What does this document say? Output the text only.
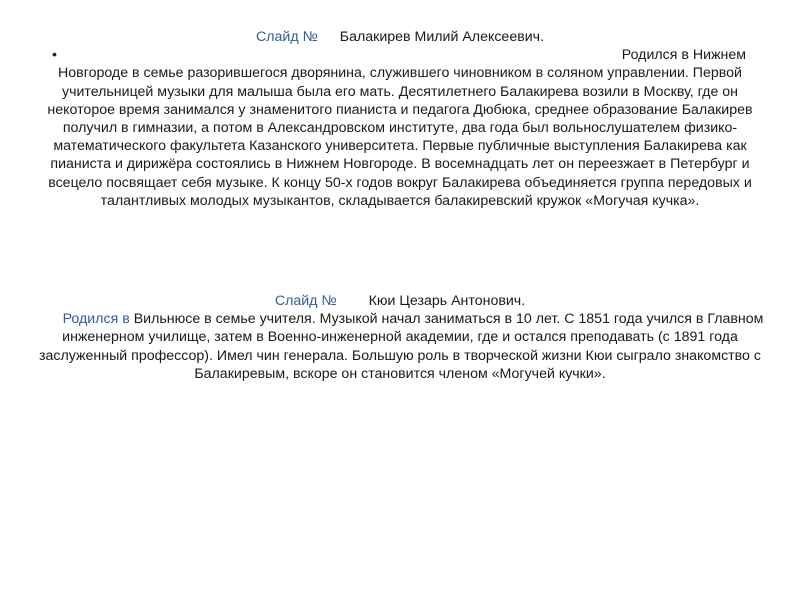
Слайд № Балакирев Милий Алексеевич.
•	Родился в Нижнем
Новгороде в семье разорившегося дворянина, служившего чиновником в соляном управлении. Первой учительницей музыки для малыша была его мать. Десятилетнего Балакирева возили в Москву, где он некоторое время занимался у знаменитого пианиста и педагога Дюбюка, среднее образование Балакирев получил в гимназии, а потом в Александровском институте, два года был вольнослушателем физико-математического факультета Казанского университета. Первые публичные выступления Балакирева как пианиста и дирижёра состоялись в Нижнем Новгороде. В восемнадцать лет он переезжает в Петербург и всецело посвящает себя музыке. К концу 50-х годов вокруг Балакирева объединяется группа передовых и талантливых молодых музыкантов, складывается балакиревский кружок «Могучая кучка».
Слайд № Кюи Цезарь Антонович.
Родился в Вильнюсе в семье учителя. Музыкой начал заниматься в 10 лет. С 1851 года учился в Главном инженерном училище, затем в Военно-инженерной академии, где и остался преподавать (с 1891 года заслуженный профессор). Имел чин генерала. Большую роль в творческой жизни Кюи сыграло знакомство с Балакиревым, вскоре он становится членом «Могучей кучки».
